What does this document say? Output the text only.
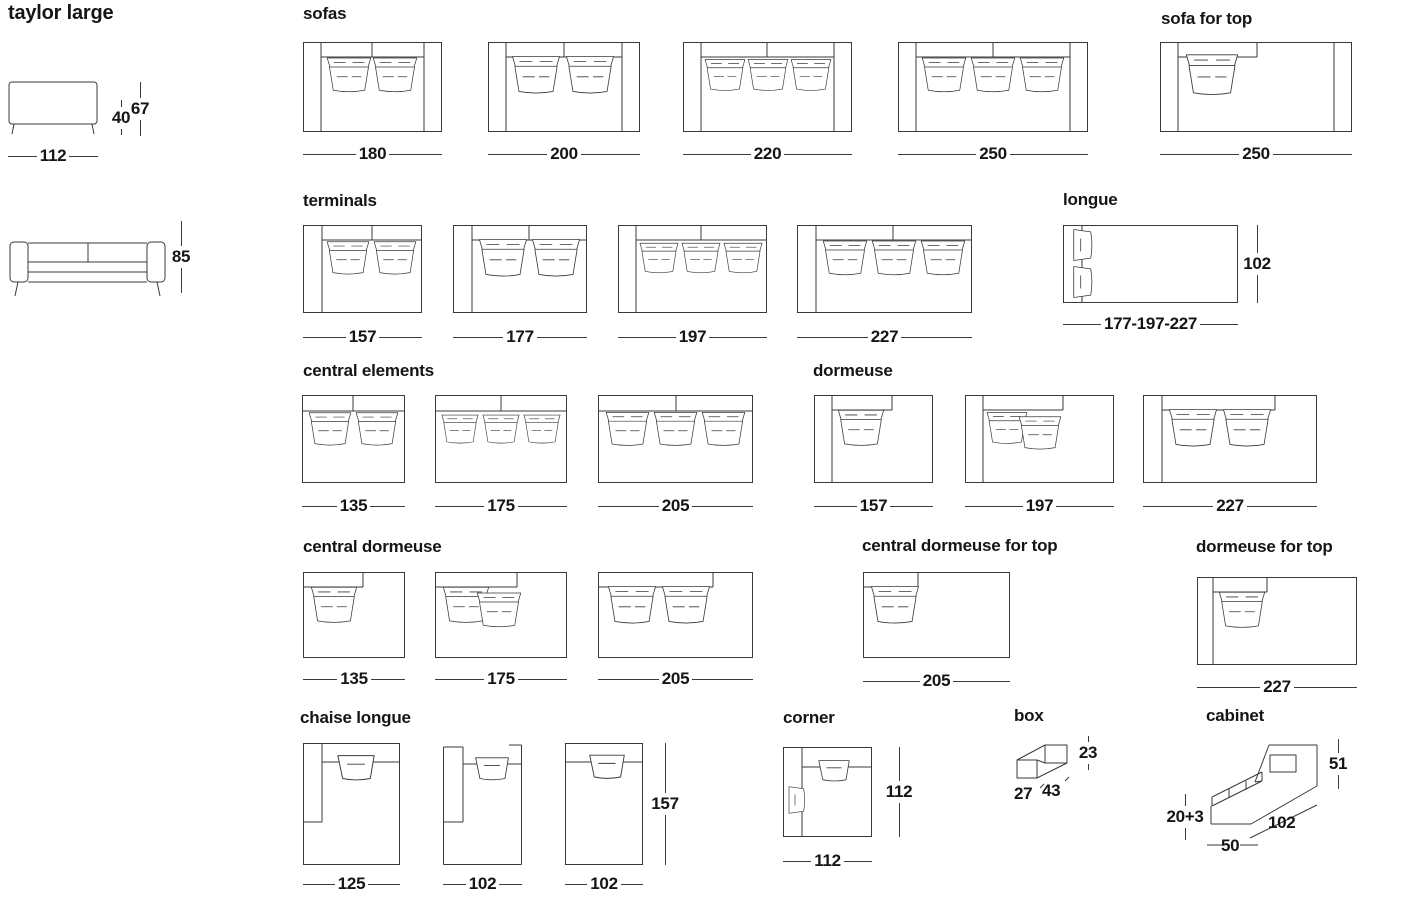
taylor large
112
40 67
85
sofas
180	200	220	250
sofa for top
250
terminals
157	177	197	227
longue
102
177-197-227
central elements
135	175	205
dormeuse
157	197	227
central dormeuse
135	175	205
central dormeuse for top
205
dormeuse for top
227
chaise longue
125	102	102
157
corner
112
112
box
23
27 43
cabinet
51
20+3	102
50
